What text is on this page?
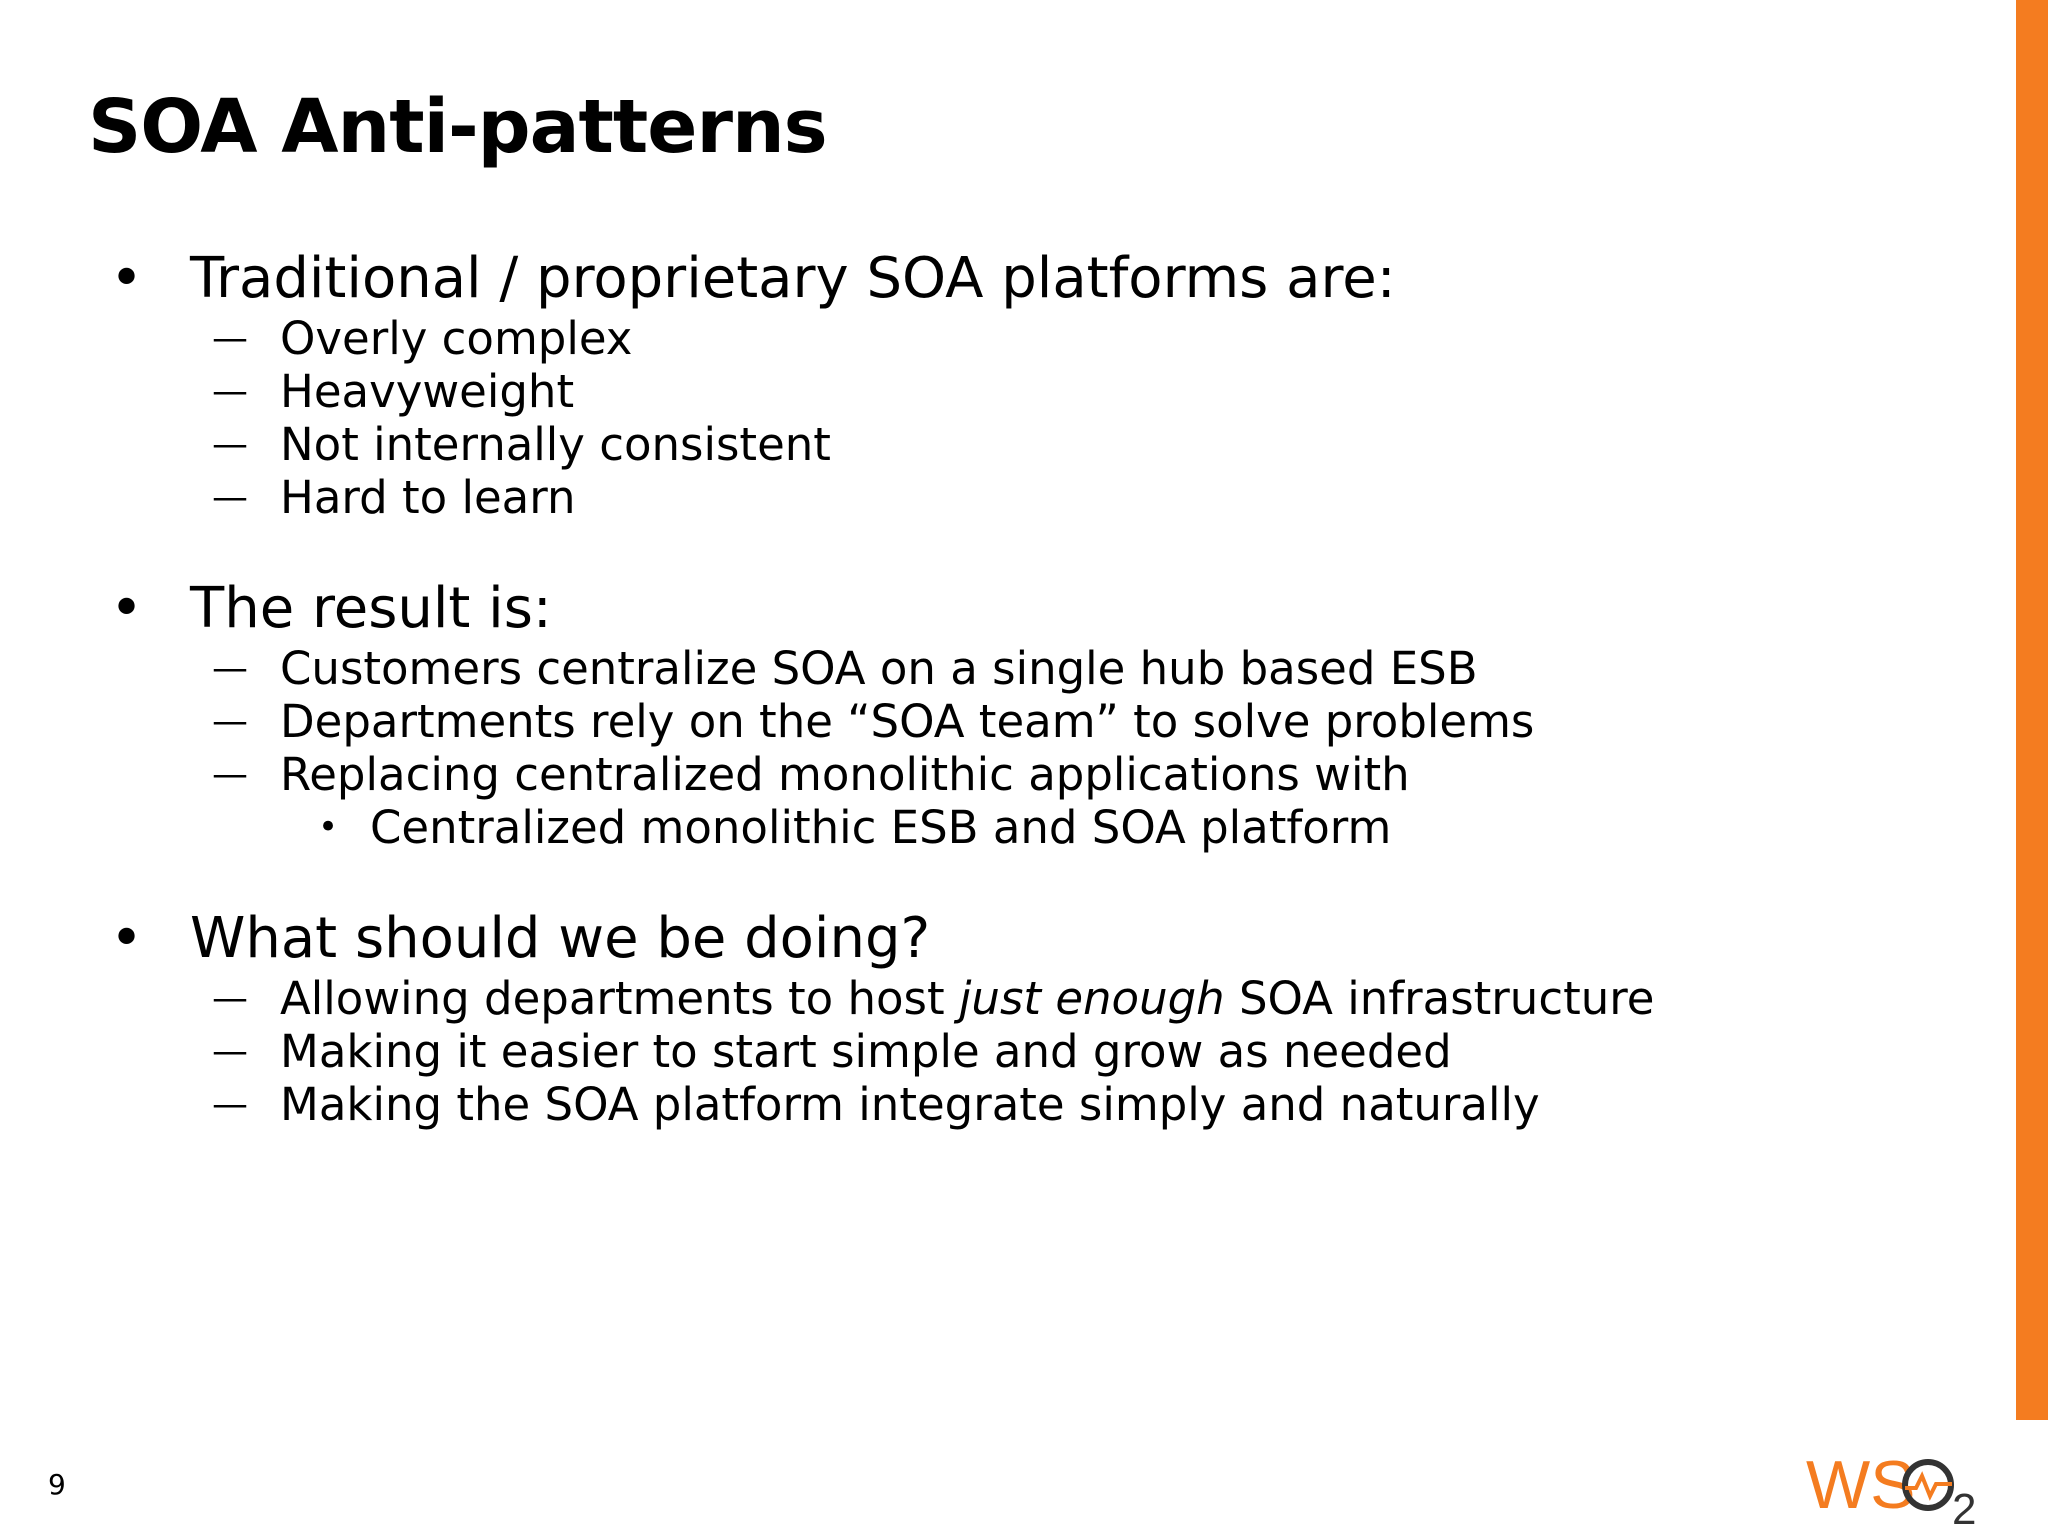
SOA Anti-patterns
• Traditional / proprietary SOA platforms are:
— Overly complex
— Heavyweight
— Not internally consistent
— Hard to learn
• The result is:
— Customers centralize SOA on a single hub based ESB
— Departments rely on the “SOA team” to solve problems
— Replacing centralized monolithic applications with
• Centralized monolithic ESB and SOA platform
• What should we be doing?
— Allowing departments to host just enough SOA infrastructure
— Making it easier to start simple and grow as needed
— Making the SOA platform integrate simply and naturally
9	WS 2
